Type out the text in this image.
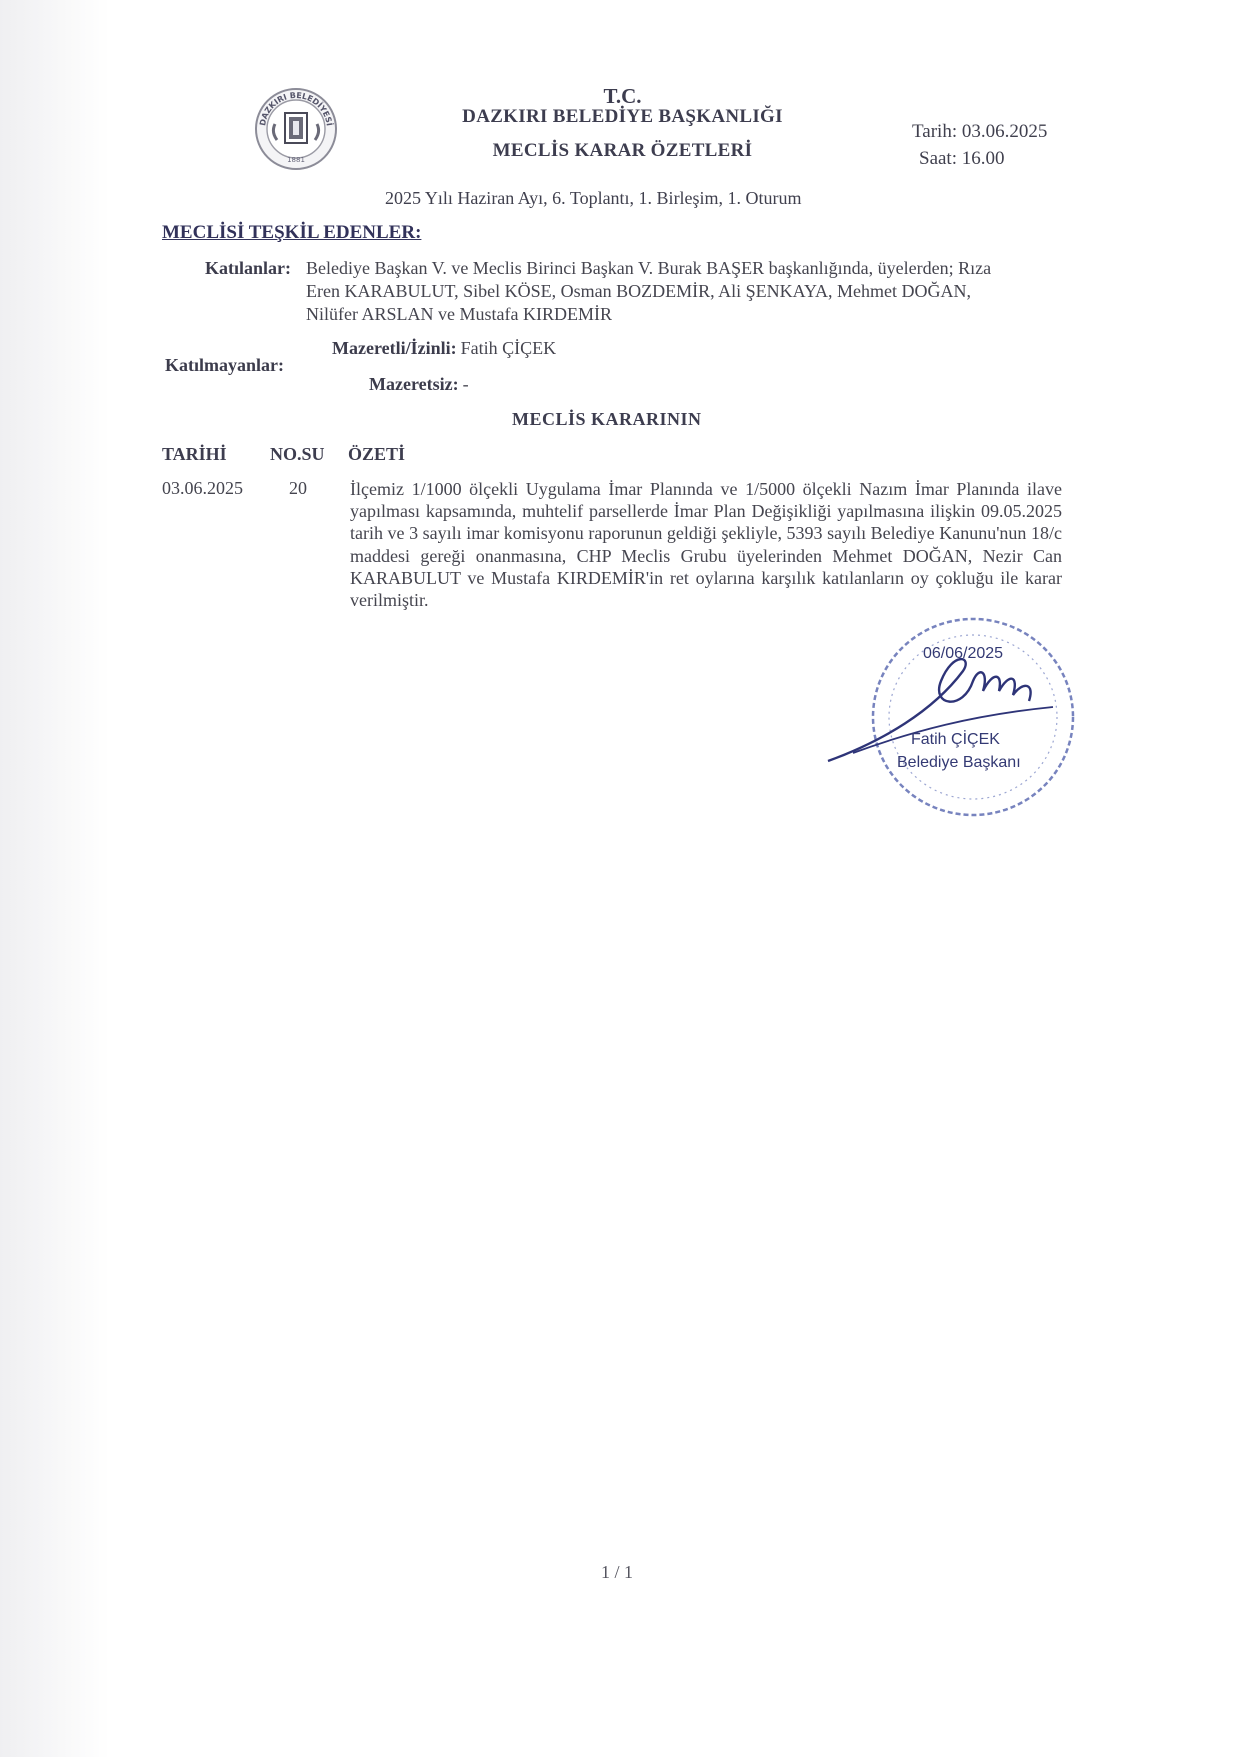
DAZKIRI BELEDİYESİ
1881
T.C.
DAZKIRI BELEDİYE BAŞKANLIĞI
MECLİS KARAR ÖZETLERİ
Tarih: 03.06.2025
Saat: 16.00
2025 Yılı Haziran Ayı, 6. Toplantı, 1. Birleşim, 1. Oturum
MECLİSİ TEŞKİL EDENLER:
Katılanlar: Belediye Başkan V. ve Meclis Birinci Başkan V. Burak BAŞER başkanlığında, üyelerden; Rıza
Eren KARABULUT, Sibel KÖSE, Osman BOZDEMİR, Ali ŞENKAYA, Mehmet DOĞAN,
Nilüfer ARSLAN ve Mustafa KIRDEMİR
Katılmayanlar:
Mazeretli/İzinli: Fatih ÇİÇEK
Mazeretsiz: -
MECLİS KARARININ
TARİHİ NO.SU ÖZETİ
03.06.2025	20 İlçemiz 1/1000 ölçekli Uygulama İmar Planında ve 1/5000 ölçekli Nazım İmar Planında ilave yapılması kapsamında, muhtelif parsellerde İmar Plan Değişikliği yapılmasına ilişkin 09.05.2025 tarih ve 3 sayılı imar komisyonu raporunun geldiği şekliyle, 5393 sayılı Belediye Kanunu'nun 18/c maddesi gereği onanmasına, CHP Meclis Grubu üyelerinden Mehmet DOĞAN, Nezir Can KARABULUT ve Mustafa KIRDEMİR'in ret oylarına karşılık katılanların oy çokluğu ile karar verilmiştir.
06/06/2025
Fatih ÇİÇEK
Belediye Başkanı
1 / 1
